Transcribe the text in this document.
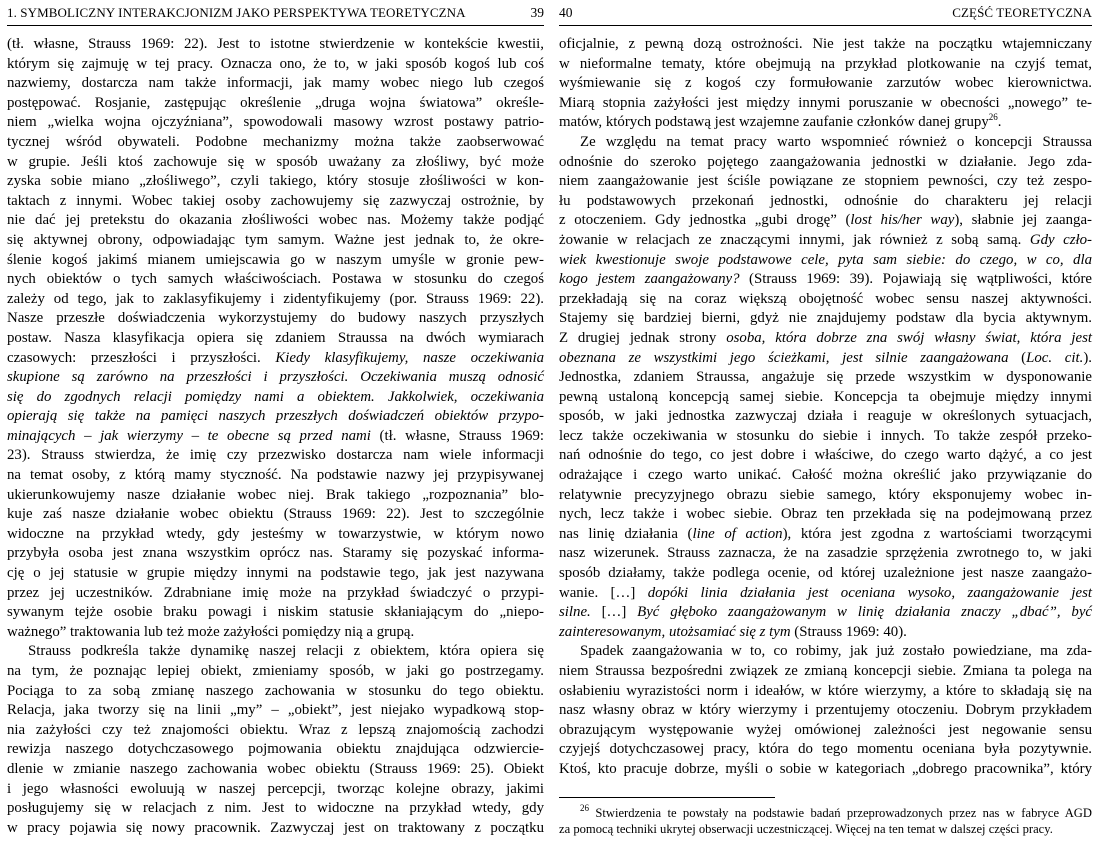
1. SYMBOLICZNY INTERAKCJONIZM JAKO PERSPEKTYWA TEORETYCZNA	39

(tł. własne, Strauss 1969: 22). Jest to istotne stwierdzenie w kontekście kwestii,
którym się zajmuję w tej pracy. Oznacza ono, że to, w jaki sposób kogoś lub coś
nazwiemy, dostarcza nam także informacji, jak mamy wobec niego lub czegoś
postępować. Rosjanie, zastępując określenie „druga wojna światowa” określe-
niem „wielka wojna ojczyźniana”, spowodowali masowy wzrost postawy patrio-
tycznej wśród obywateli. Podobne mechanizmy można także zaobserwować
w grupie. Jeśli ktoś zachowuje się w sposób uważany za złośliwy, być może
zyska sobie miano „złośliwego”, czyli takiego, który stosuje złośliwości w kon-
taktach z innymi. Wobec takiej osoby zachowujemy się zazwyczaj ostrożnie, by
nie dać jej pretekstu do okazania złośliwości wobec nas. Możemy także podjąć
się aktywnej obrony, odpowiadając tym samym. Ważne jest jednak to, że okre-
ślenie kogoś jakimś mianem umiejscawia go w naszym umyśle w gronie pew-
nych obiektów o tych samych właściwościach. Postawa w stosunku do czegoś
zależy od tego, jak to zaklasyfikujemy i zidentyfikujemy (por. Strauss 1969: 22).
Nasze przeszłe doświadczenia wykorzystujemy do budowy naszych przyszłych
postaw. Nasza klasyfikacja opiera się zdaniem Straussa na dwóch wymiarach
czasowych: przeszłości i przyszłości. Kiedy klasyfikujemy, nasze oczekiwania
skupione są zarówno na przeszłości i przyszłości. Oczekiwania muszą odnosić
się do zgodnych relacji pomiędzy nami a obiektem. Jakkolwiek, oczekiwania
opierają się także na pamięci naszych przeszłych doświadczeń obiektów przypo-
minających – jak wierzymy – te obecne są przed nami (tł. własne, Strauss 1969:
23). Strauss stwierdza, że imię czy przezwisko dostarcza nam wiele informacji
na temat osoby, z którą mamy styczność. Na podstawie nazwy jej przypisywanej
ukierunkowujemy nasze działanie wobec niej. Brak takiego „rozpoznania” blo-
kuje zaś nasze działanie wobec obiektu (Strauss 1969: 22). Jest to szczególnie
widoczne na przykład wtedy, gdy jesteśmy w towarzystwie, w którym nowo
przybyła osoba jest znana wszystkim oprócz nas. Staramy się pozyskać informa-
cję o jej statusie w grupie między innymi na podstawie tego, jak jest nazywana
przez jej uczestników. Zdrabniane imię może na przykład świadczyć o przypi-
sywanym tejże osobie braku powagi i niskim statusie skłaniającym do „niepo-
ważnego” traktowania lub też może zażyłości pomiędzy nią a grupą.

Strauss podkreśla także dynamikę naszej relacji z obiektem, która opiera się
na tym, że poznając lepiej obiekt, zmieniamy sposób, w jaki go postrzegamy.
Pociąga to za sobą zmianę naszego zachowania w stosunku do tego obiektu.
Relacja, jaka tworzy się na linii „my” – „obiekt”, jest niejako wypadkową stop-
nia zażyłości czy też znajomości obiektu. Wraz z lepszą znajomością zachodzi
rewizja naszego dotychczasowego pojmowania obiektu znajdująca odzwiercie-
dlenie w zmianie naszego zachowania wobec obiektu (Strauss 1969: 25). Obiekt
i jego własności ewoluują w naszej percepcji, tworząc kolejne obrazy, jakimi
posługujemy się w relacjach z nim. Jest to widoczne na przykład wtedy, gdy
w pracy pojawia się nowy pracownik. Zazwyczaj jest on traktowany z początku

40	CZĘŚĆ TEORETYCZNA

oficjalnie, z pewną dozą ostrożności. Nie jest także na początku wtajemniczany
w nieformalne tematy, które obejmują na przykład plotkowanie na czyjś temat,
wyśmiewanie się z kogoś czy formułowanie zarzutów wobec kierownictwa.
Miarą stopnia zażyłości jest między innymi poruszanie w obecności „nowego” te-
matów, których podstawą jest wzajemne zaufanie członków danej grupy$^{26}$.

Ze względu na temat pracy warto wspomnieć również o koncepcji Straussa
odnośnie do szeroko pojętego zaangażowania jednostki w działanie. Jego zda-
niem zaangażowanie jest ściśle powiązane ze stopniem pewności, czy też zespo-
łu podstawowych przekonań jednostki, odnośnie do charakteru jej relacji
z otoczeniem. Gdy jednostka „gubi drogę” (lost his/her way), słabnie jej zaanga-
żowanie w relacjach ze znaczącymi innymi, jak również z sobą samą. Gdy czło-
wiek kwestionuje swoje podstawowe cele, pyta sam siebie: do czego, w co, dla
kogo jestem zaangażowany? (Strauss 1969: 39). Pojawiają się wątpliwości, które
przekładają się na coraz większą obojętność wobec sensu naszej aktywności.
Stajemy się bardziej bierni, gdyż nie znajdujemy podstaw dla bycia aktywnym.
Z drugiej jednak strony osoba, która dobrze zna swój własny świat, która jest
obeznana ze wszystkimi jego ścieżkami, jest silnie zaangażowana (Loc. cit.).
Jednostka, zdaniem Straussa, angażuje się przede wszystkim w dysponowanie
pewną ustaloną koncepcją samej siebie. Koncepcja ta obejmuje między innymi
sposób, w jaki jednostka zazwyczaj działa i reaguje w określonych sytuacjach,
lecz także oczekiwania w stosunku do siebie i innych. To także zespół przeko-
nań odnośnie do tego, co jest dobre i właściwe, do czego warto dążyć, a co jest
odrażające i czego warto unikać. Całość można określić jako przywiązanie do
relatywnie precyzyjnego obrazu siebie samego, który eksponujemy wobec in-
nych, lecz także i wobec siebie. Obraz ten przekłada się na podejmowaną przez
nas linię działania (line of action), która jest zgodna z wartościami tworzącymi
nasz wizerunek. Strauss zaznacza, że na zasadzie sprzężenia zwrotnego to, w jaki
sposób działamy, także podlega ocenie, od której uzależnione jest nasze zaangażo-
wanie. […] dopóki linia działania jest oceniana wysoko, zaangażowanie jest
silne. […] Być głęboko zaangażowanym w linię działania znaczy „dbać”, być
zainteresowanym, utożsamiać się z tym (Strauss 1969: 40).

Spadek zaangażowania w to, co robimy, jak już zostało powiedziane, ma zda-
niem Straussa bezpośredni związek ze zmianą koncepcji siebie. Zmiana ta polega na
osłabieniu wyrazistości norm i ideałów, w które wierzymy, a które to składają się na
nasz własny obraz w który wierzymy i przentujemy otoczeniu. Dobrym przykładem
obrazującym występowanie wyżej omówionej zależności jest negowanie sensu
czyjejś dotychczasowej pracy, która do tego momentu oceniana była pozytywnie.
Ktoś, kto pracuje dobrze, myśli o sobie w kategoriach „dobrego pracownika”, który

$^{26}$ Stwierdzenia te powstały na podstawie badań przeprowadzonych przez nas w fabryce AGD
za pomocą techniki ukrytej obserwacji uczestniczącej. Więcej na ten temat w dalszej części pracy.
